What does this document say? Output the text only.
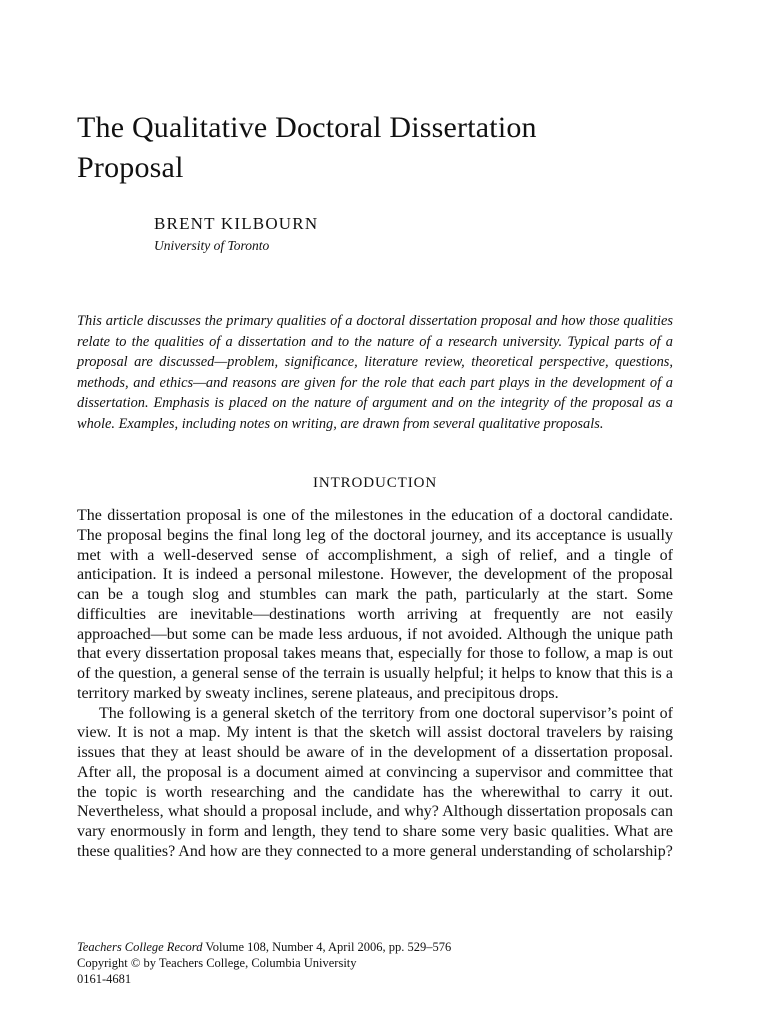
The Qualitative Doctoral Dissertation
Proposal

BRENT KILBOURN

University of Toronto

This article discusses the primary qualities of a doctoral dissertation proposal and how those qualities relate to the qualities of a dissertation and to the nature of a research university. Typical parts of a proposal are discussed—problem, significance, literature review, theoretical perspective, questions, methods, and ethics—and reasons are given for the role that each part plays in the development of a dissertation. Emphasis is placed on the nature of argument and on the integrity of the proposal as a whole. Examples, including notes on writing, are drawn from several qualitative proposals.

INTRODUCTION

The dissertation proposal is one of the milestones in the education of a doctoral candidate. The proposal begins the final long leg of the doctoral journey, and its acceptance is usually met with a well-deserved sense of accomplishment, a sigh of relief, and a tingle of anticipation. It is indeed a personal milestone. However, the development of the proposal can be a tough slog and stumbles can mark the path, particularly at the start. Some difficulties are inevitable—destinations worth arriving at frequently are not easily approached—but some can be made less arduous, if not avoided. Although the unique path that every dissertation proposal takes means that, especially for those to follow, a map is out of the question, a general sense of the terrain is usually helpful; it helps to know that this is a territory marked by sweaty inclines, serene plateaus, and precipitous drops.

The following is a general sketch of the territory from one doctoral supervisor’s point of view. It is not a map. My intent is that the sketch will assist doctoral travelers by raising issues that they at least should be aware of in the development of a dissertation proposal. After all, the proposal is a document aimed at convincing a supervisor and committee that the topic is worth researching and the candidate has the wherewithal to carry it out. Nevertheless, what should a proposal include, and why? Although dissertation proposals can vary enormously in form and length, they tend to share some very basic qualities. What are these qualities? And how are they connected to a more general understanding of scholarship?

Teachers College Record Volume 108, Number 4, April 2006, pp. 529–576
Copyright © by Teachers College, Columbia University
0161-4681
